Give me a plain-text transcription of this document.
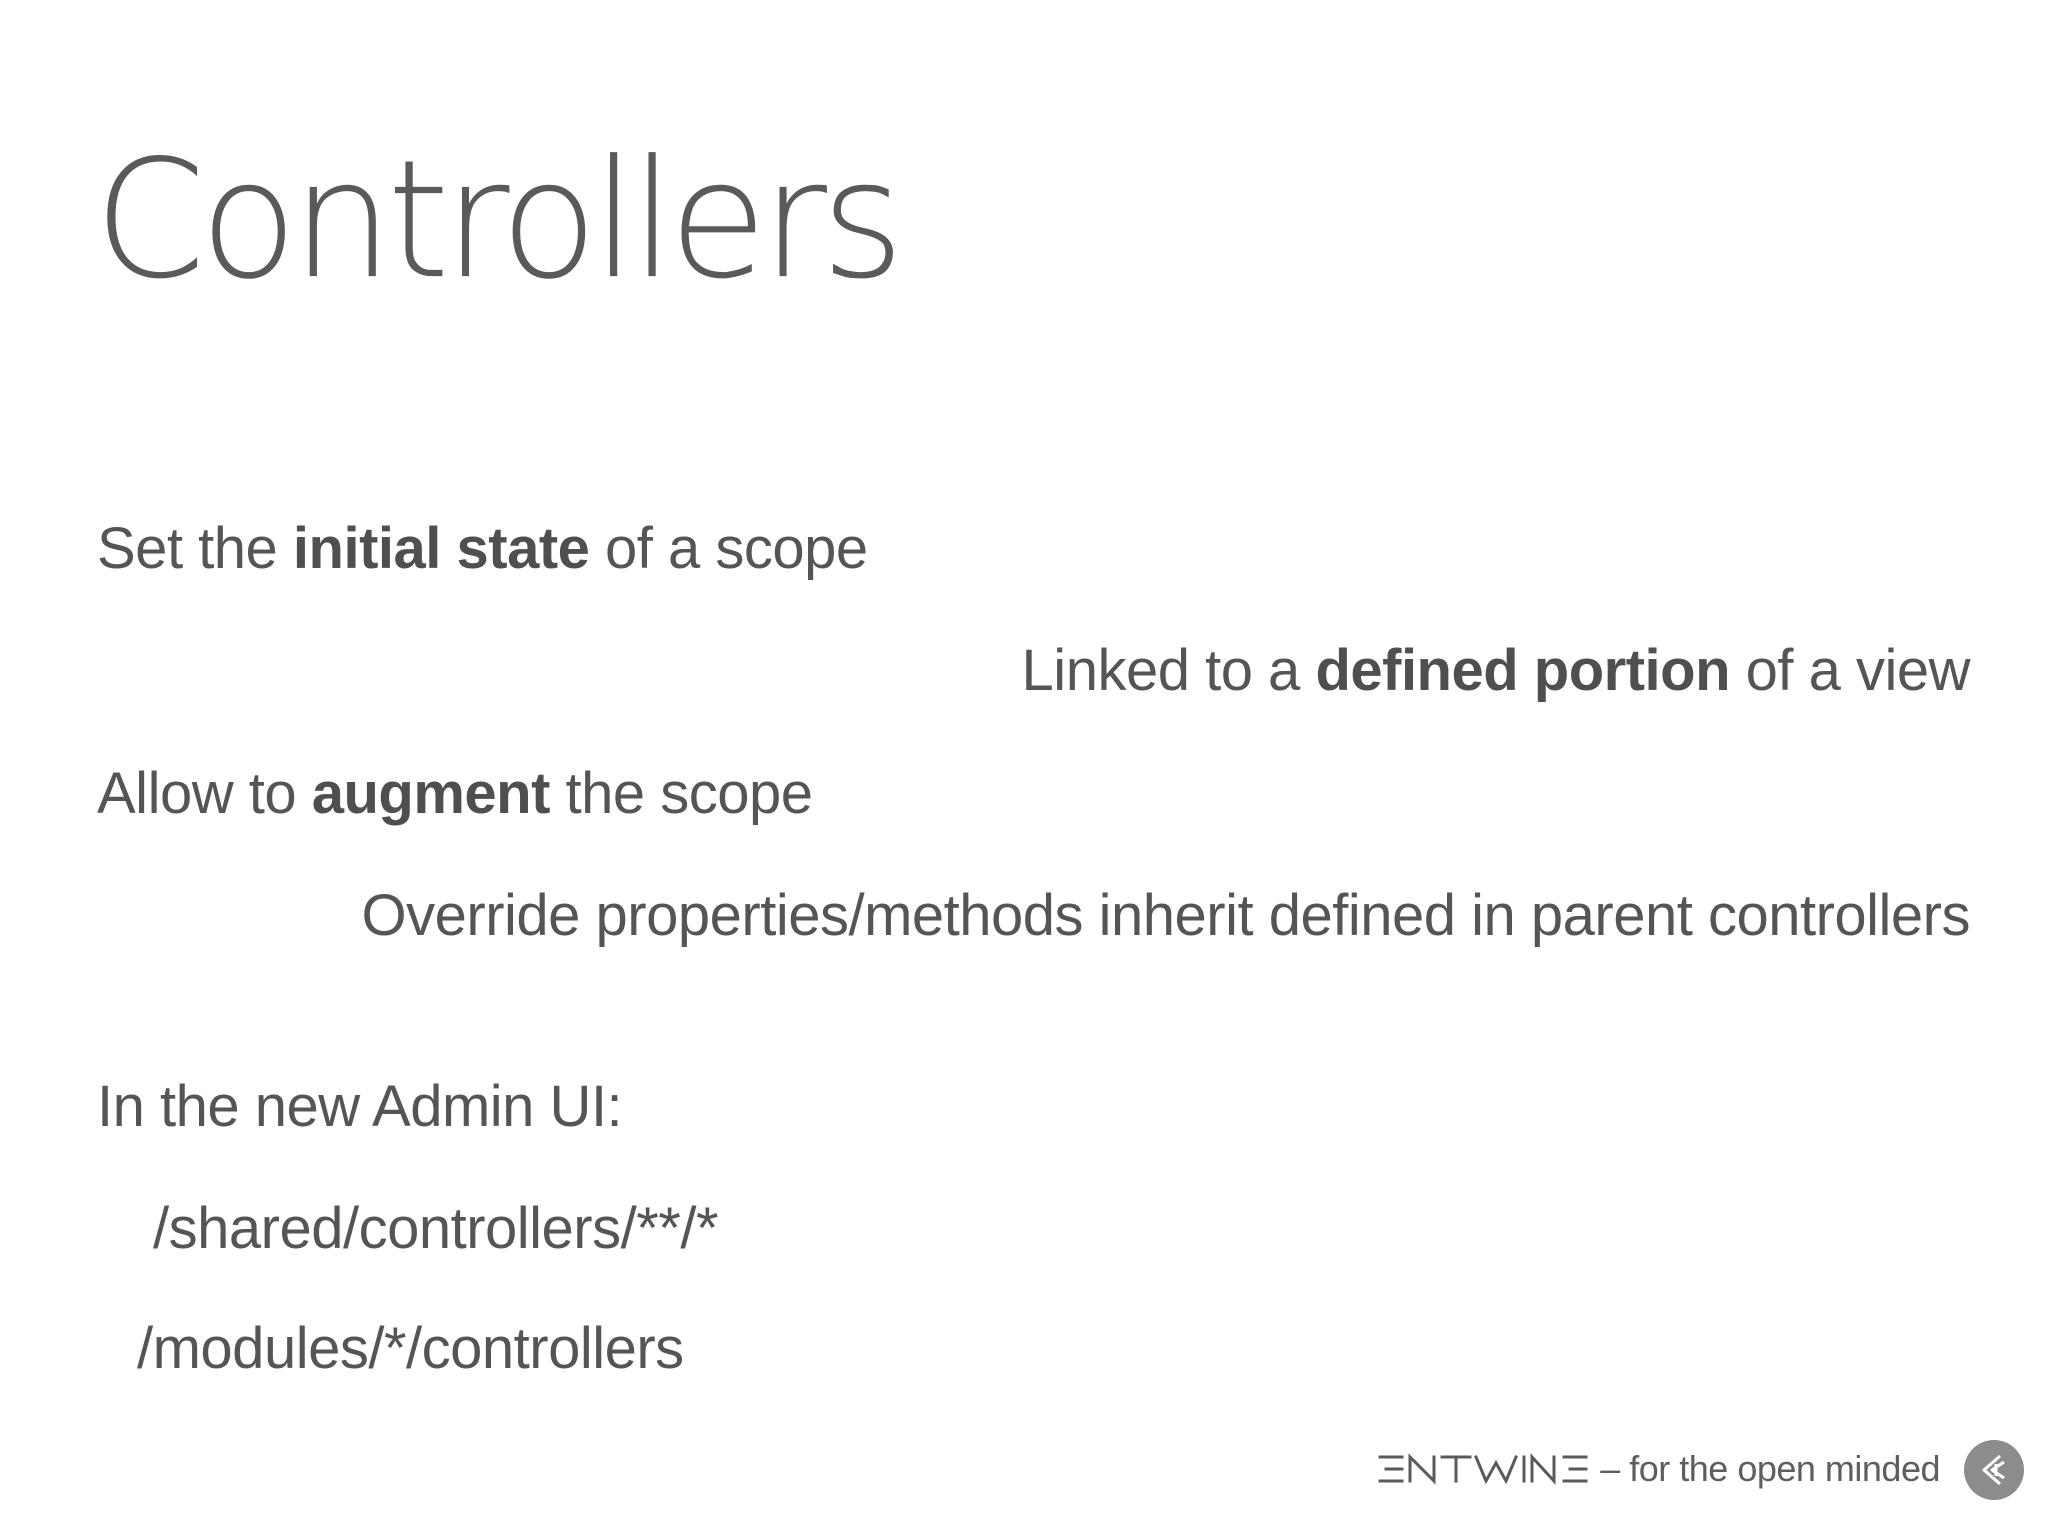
Controllers
Set the initial state of a scope
Linked to a defined portion of a view
Allow to augment the scope
Override properties/methods inherit defined in parent controllers
In the new Admin UI:
/shared/controllers/**/*
/modules/*/controllers
ENTWINE	– for the open minded
